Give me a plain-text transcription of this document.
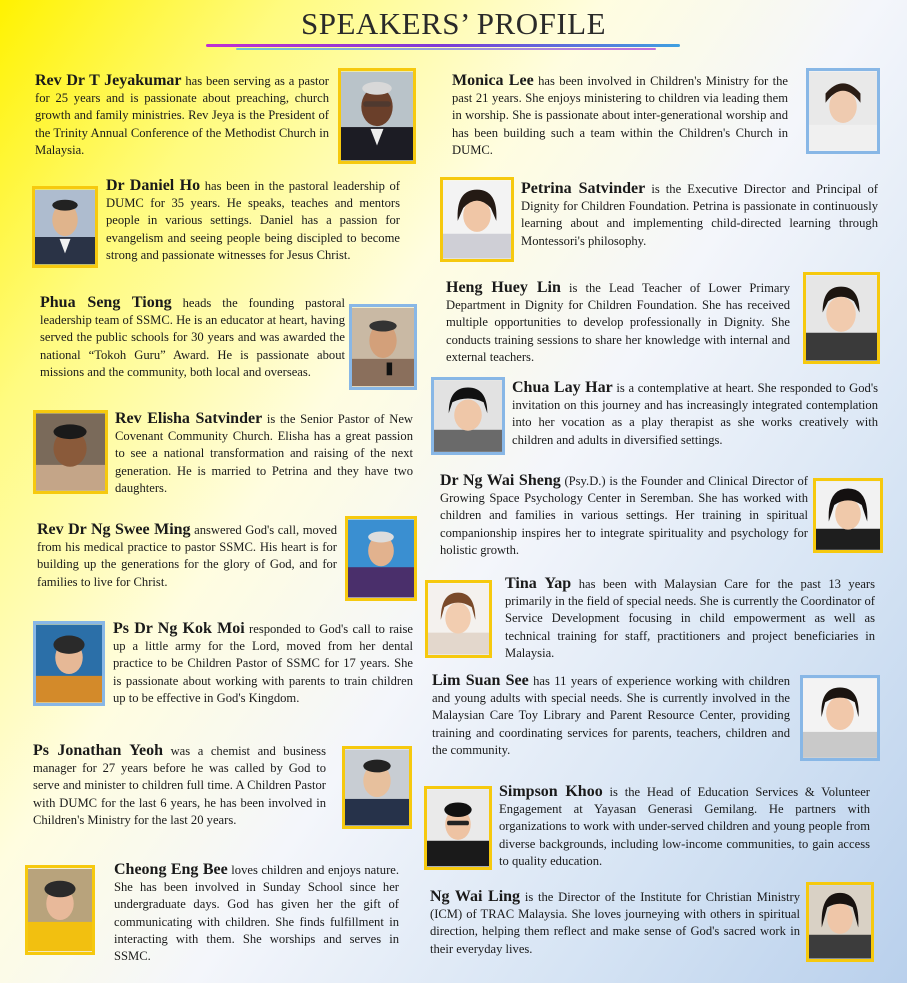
SPEAKERS’ PROFILE
Rev Dr T Jeyakumar has been serving as a pastor for 25 years and is passionate about preaching, church growth and family ministries. Rev Jeya is the President of the Trinity Annual Conference of the Methodist Church in Malaysia.
Dr Daniel Ho has been in the pastoral leadership of DUMC for 35 years. He speaks, teaches and mentors people in various settings. Daniel has a passion for evangelism and seeing people being discipled to become strong and passionate witnesses for Jesus Christ.
Phua Seng Tiong heads the founding pastoral leadership team of SSMC. He is an educator at heart, having served the public schools for 30 years and was awarded the national “Tokoh Guru” Award. He is passionate about missions and the community, both local and overseas.
Rev Elisha Satvinder is the Senior Pastor of New Covenant Community Church. Elisha has a great passion to see a national transformation and raising of the next generation. He is married to Petrina and they have two daughters.
Rev Dr Ng Swee Ming answered God's call, moved from his medical practice to pastor SSMC. His heart is for building up the generations for the glory of God, and for families to live for Christ.
Ps Dr Ng Kok Moi responded to God's call to raise up a little army for the Lord, moved from her dental practice to be Children Pastor of SSMC for 17 years. She is passionate about working with parents to train children up to be effective in God's Kingdom.
Ps Jonathan Yeoh was a chemist and business manager for 27 years before he was called by God to serve and minister to children full time. A Children Pastor with DUMC for the last 6 years, he has been involved in Children's Ministry for the last 20 years.
Cheong Eng Bee loves children and enjoys nature. She has been involved in Sunday School since her undergraduate days. God has given her the gift of communicating with children. She finds fulfillment in interacting with them. She worships and serves in SSMC.
Monica Lee has been involved in Children's Ministry for the past 21 years. She enjoys ministering to children via leading them in worship. She is passionate about inter-generational worship and has been building such a team within the Children's Church in DUMC.
Petrina Satvinder is the Executive Director and Principal of Dignity for Children Foundation. Petrina is passionate in continuously learning about and implementing child-directed learning through Montessori's philosophy.
Heng Huey Lin is the Lead Teacher of Lower Primary Department in Dignity for Children Foundation. She has received multiple opportunities to develop professionally in Dignity. She conducts training sessions to share her knowledge with internal and external teachers.
Chua Lay Har is a contemplative at heart. She responded to God's invitation on this journey and has increasingly integrated contemplation into her vocation as a play therapist as she works creatively with children and adults in diversified settings.
Dr Ng Wai Sheng (Psy.D.) is the Founder and Clinical Director of Growing Space Psychology Center in Seremban. She has worked with children and families in various settings. Her training in spiritual companionship inspires her to integrate spirituality and psychology for holistic growth.
Tina Yap has been with Malaysian Care for the past 13 years primarily in the field of special needs. She is currently the Coordinator of Service Development focusing in child empowerment as well as technical training for staff, practitioners and project beneficiaries in Malaysia.
Lim Suan See has 11 years of experience working with children and young adults with special needs. She is currently involved in the Malaysian Care Toy Library and Parent Resource Center, providing training and coordinating services for parents, teachers, children and the community.
Simpson Khoo is the Head of Education Services & Volunteer Engagement at Yayasan Generasi Gemilang. He partners with organizations to work with under-served children and young people from diverse backgrounds, including low-income communities, to gain access to quality education.
Ng Wai Ling is the Director of the Institute for Christian Ministry (ICM) of TRAC Malaysia. She loves journeying with others in spiritual direction, helping them reflect and make sense of God's sacred work in their everyday lives.
